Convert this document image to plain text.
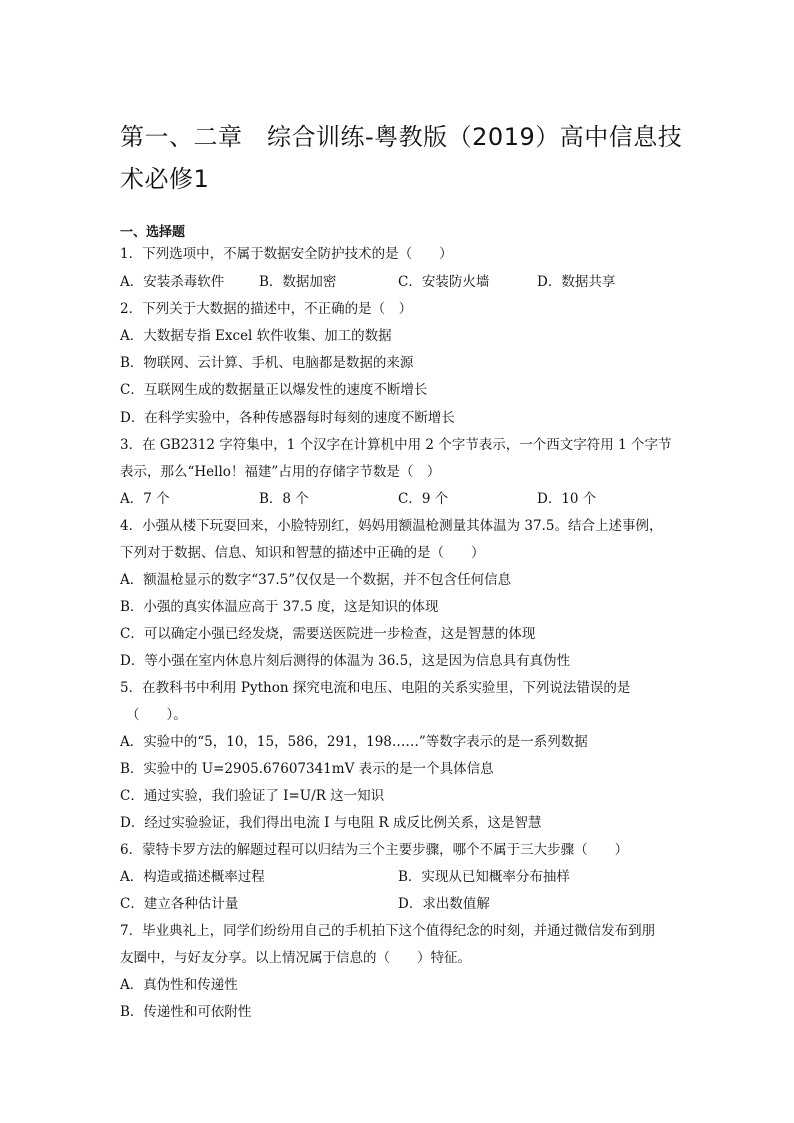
第一、二章　综合训练-粤教版（2019）高中信息技术必修1
一、选择题
1．下列选项中，不属于数据安全防护技术的是（　　）
A．安装杀毒软件	B．数据加密	C．安装防火墙	D．数据共享
2．下列关于大数据的描述中，不正确的是（　）
A．大数据专指 Excel 软件收集、加工的数据
B．物联网、云计算、手机、电脑都是数据的来源
C．互联网生成的数据量正以爆发性的速度不断增长
D．在科学实验中，各种传感器每时每刻的速度不断增长
3．在 GB2312 字符集中，1 个汉字在计算机中用 2 个字节表示，一个西文字符用 1 个字节
表示，那么“Hello！福建”占用的存储字节数是（　）
A．7 个	B．8 个	C．9 个	D．10 个
4．小强从楼下玩耍回来，小脸特别红，妈妈用额温枪测量其体温为 37.5。结合上述事例，
下列对于数据、信息、知识和智慧的描述中正确的是（　　）
A．额温枪显示的数字“37.5”仅仅是一个数据，并不包含任何信息
B．小强的真实体温应高于 37.5 度，这是知识的体现
C．可以确定小强已经发烧，需要送医院进一步检查，这是智慧的体现
D．等小强在室内休息片刻后测得的体温为 36.5，这是因为信息具有真伪性
5．在教科书中利用 Python 探究电流和电压、电阻的关系实验里，下列说法错误的是
（　　）。
A．实验中的“5，10，15，586，291，198……”等数字表示的是一系列数据
B．实验中的 U=2905.67607341mV 表示的是一个具体信息
C．通过实验，我们验证了 I=U/R 这一知识
D．经过实验验证，我们得出电流 I 与电阻 R 成反比例关系，这是智慧
6．蒙特卡罗方法的解题过程可以归结为三个主要步骤，哪个不属于三大步骤（　　）
A．构造或描述概率过程	B．实现从已知概率分布抽样
C．建立各种估计量	D．求出数值解
7．毕业典礼上，同学们纷纷用自己的手机拍下这个值得纪念的时刻，并通过微信发布到朋
友圈中，与好友分享。以上情况属于信息的（　　）特征。
A．真伪性和传递性
B．传递性和可依附性
